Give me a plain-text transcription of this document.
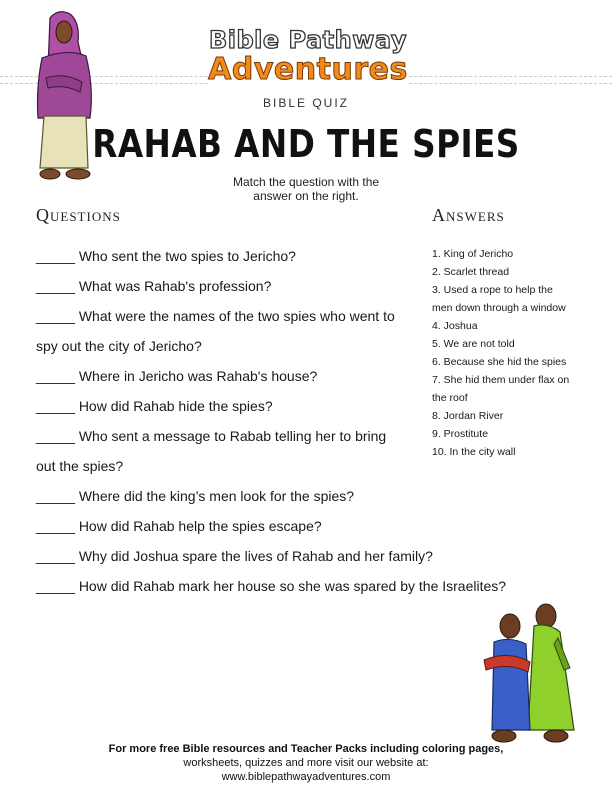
Bible Pathway
Adventures
BIBLE QUIZ
RAHAB AND THE SPIES
Match the question with the
answer on the right.
Questions	Answers
_____ Who sent the two spies to Jericho?
_____ What was Rahab's profession?
_____ What were the names of the two spies who went to
spy out the city of Jericho?
_____ Where in Jericho was Rahab's house?
_____ How did Rahab hide the spies?
_____ Who sent a message to Rabab telling her to bring
out the spies?
_____ Where did the king’s men look for the spies?
_____ How did Rahab help the spies escape?
_____ Why did Joshua spare the lives of Rahab and her family?
_____ How did Rahab mark her house so she was spared by the Israelites?
1. King of Jericho
2. Scarlet thread
3. Used a rope to help the
men down through a window
4. Joshua
5. We are not told
6. Because she hid the spies
7. She hid them under flax on
the roof
8. Jordan River
9. Prostitute
10. In the city wall
For more free Bible resources and Teacher Packs including coloring pages,
worksheets, quizzes and more visit our website at:
www.biblepathwayadventures.com
